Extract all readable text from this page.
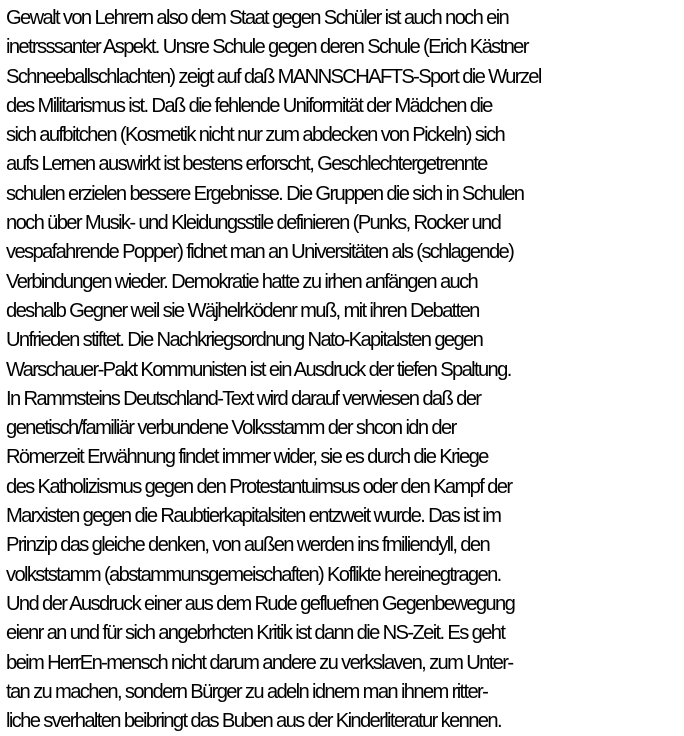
Gewalt von Lehrern also dem Staat gegen Schüler ist auch noch ein
inetrsssanter Aspekt. Unsre Schule gegen deren Schule (Erich Kästner
Schneeballschlachten) zeigt auf daß MANNSCHAFTS-Sport die Wurzel
des Militarismus ist. Daß die fehlende Uniformität der Mädchen die
sich aufbitchen (Kosmetik nicht nur zum abdecken von Pickeln) sich
aufs Lernen auswirkt ist bestens erforscht, Geschlechtergetrennte
schulen erzielen bessere Ergebnisse. Die Gruppen die sich in Schulen
noch über Musik- und Kleidungsstile definieren (Punks, Rocker und
vespafahrende Popper) fidnet man an Universitäten als (schlagende)
Verbindungen wieder. Demokratie hatte zu irhen anfängen auch
deshalb Gegner weil sie Wäjhelrködenr muß, mit ihren Debatten
Unfrieden stiftet. Die Nachkriegsordnung Nato-Kapitalsten gegen
Warschauer-Pakt Kommunisten ist ein Ausdruck der tiefen Spaltung.
In Rammsteins Deutschland-Text wird darauf verwiesen daß der
genetisch/familiär verbundene Volksstamm der shcon idn der
Römerzeit Erwähnung findet immer wider, sie es durch die Kriege
des Katholizismus gegen den Protestantuimsus oder den Kampf der
Marxisten gegen die Raubtierkapitalsiten entzweit wurde. Das ist im
Prinzip das gleiche denken, von außen werden ins fmiliendyll, den
volkststamm (abstammunsgemeischaften) Koflikte hereinegtragen.
Und der Ausdruck einer aus dem Rude gefluefnen Gegenbewegung
eienr an und für sich angebrhcten Kritik ist dann die NS-Zeit. Es geht
beim HerrEn-mensch nicht darum andere zu verkslaven, zum Unter-
tan zu machen, sondern Bürger zu adeln idnem man ihnem ritter-
liche sverhalten beibringt das Buben aus der Kinderliteratur kennen.
